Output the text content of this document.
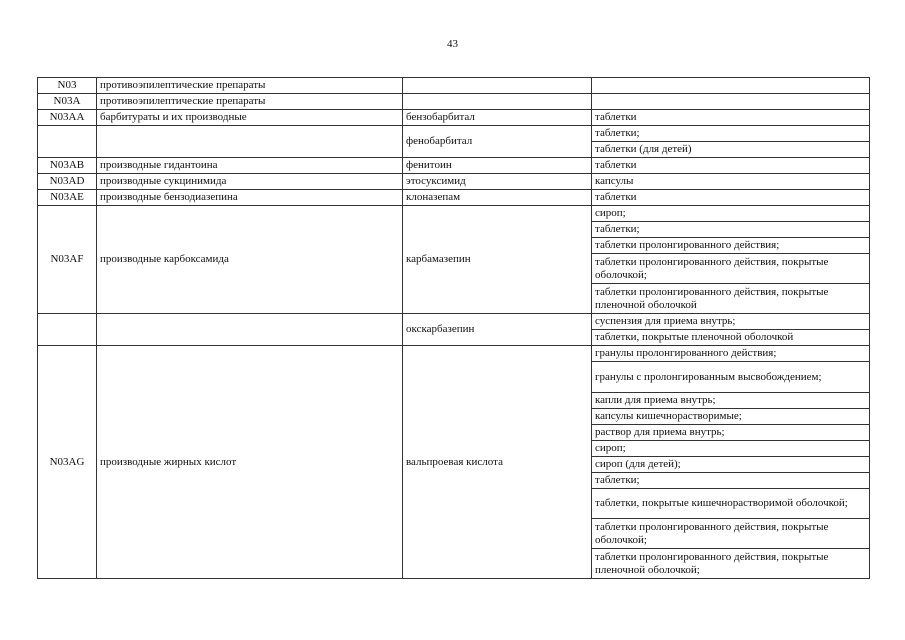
43
N03	противоэпилептические препараты		
N03A	противоэпилептические препараты		
N03AA	барбитураты и их производные	бензобарбитал	таблетки
		фенобарбитал	таблетки;
			таблетки (для детей)
N03AB	производные гидантоина	фенитоин	таблетки
N03AD	производные сукцинимида	этосуксимид	капсулы
N03AE	производные бензодиазепина	клоназепам	таблетки
N03AF	производные карбоксамида	карбамазепин	сироп;
			таблетки;
			таблетки пролонгированного действия;
			таблетки пролонгированного действия, покрытые оболочкой;
			таблетки пролонгированного действия, покрытые пленочной оболочкой
		окскарбазепин	суспензия для приема внутрь;
			таблетки, покрытые пленочной оболочкой
N03AG	производные жирных кислот	вальпроевая кислота	гранулы пролонгированного действия;
			гранулы с пролонгированным высвобождением;
			капли для приема внутрь;
			капсулы кишечнорастворимые;
			раствор для приема внутрь;
			сироп;
			сироп (для детей);
			таблетки;
			таблетки, покрытые кишечнорастворимой оболочкой;
			таблетки пролонгированного действия, покрытые оболочкой;
			таблетки пролонгированного действия, покрытые пленочной оболочкой;
